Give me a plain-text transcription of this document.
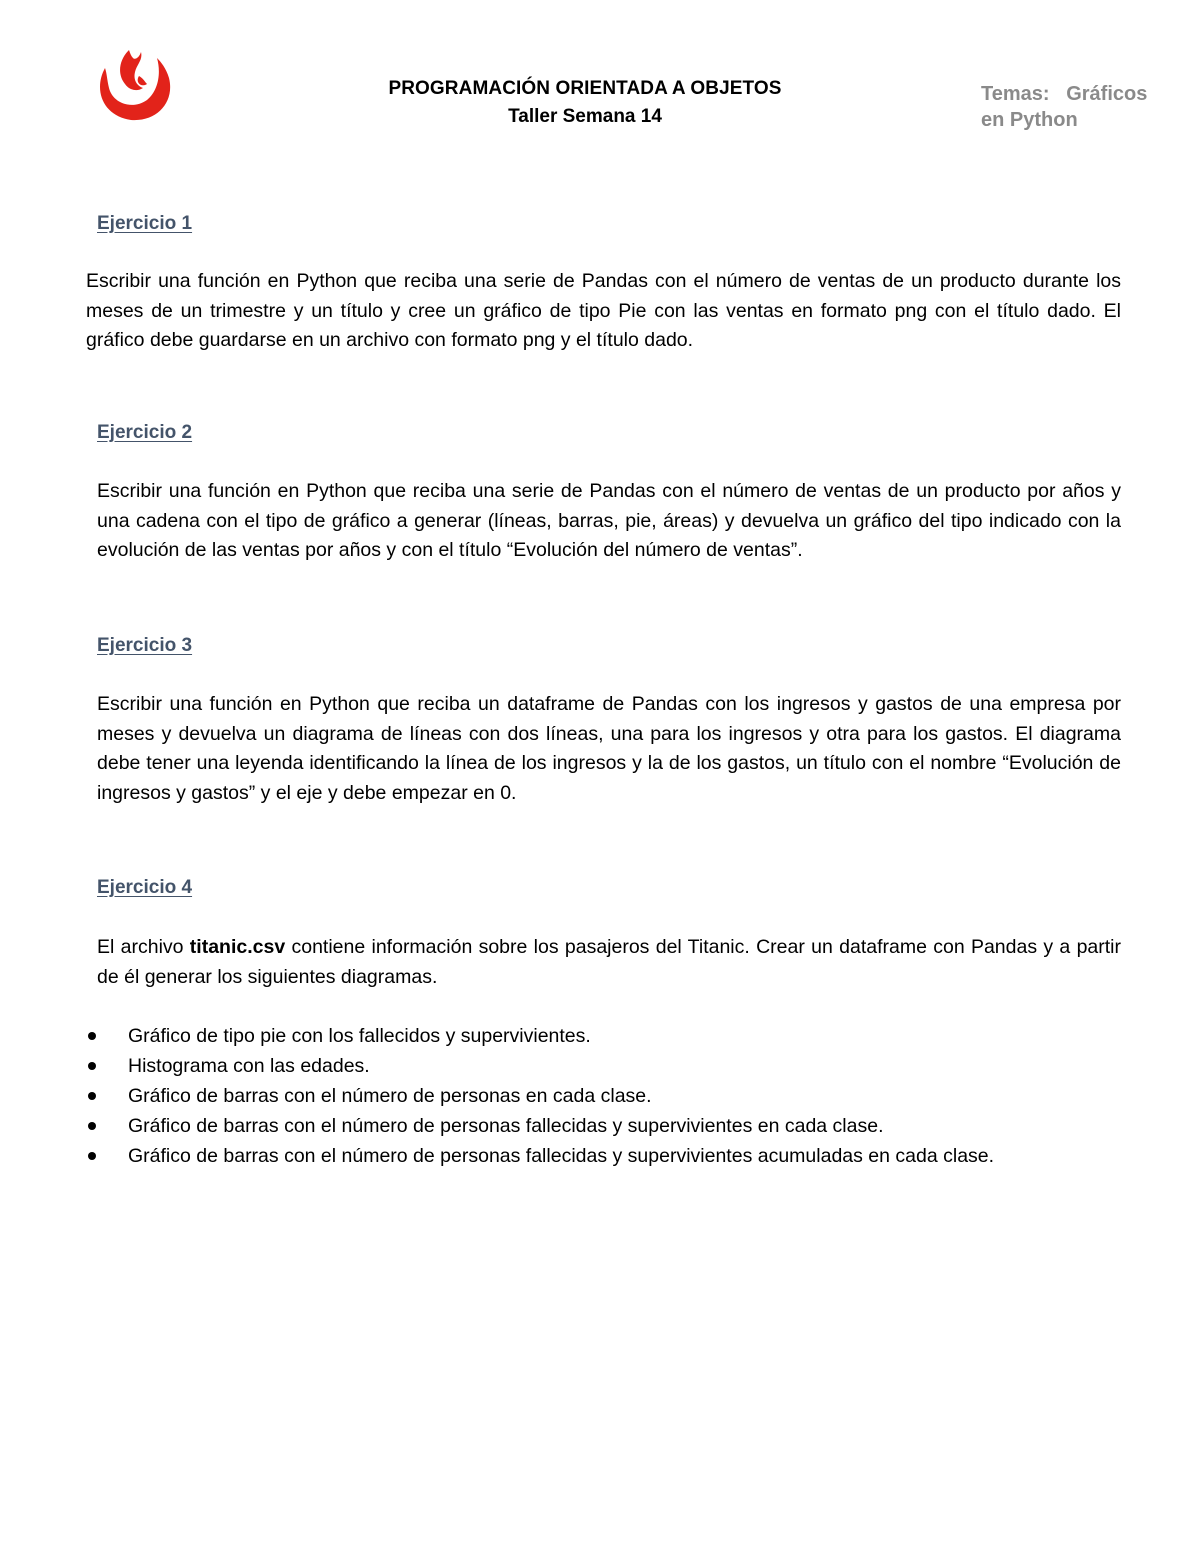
PROGRAMACIÓN ORIENTADA A OBJETOS
Taller Semana 14
Temas: Gráficos en Python
Ejercicio 1
Escribir una función en Python que reciba una serie de Pandas con el número de ventas de un producto durante los meses de un trimestre y un título y cree un gráfico de tipo Pie con las ventas en formato png con el título dado. El gráfico debe guardarse en un archivo con formato png y el título dado.
Ejercicio 2
Escribir una función en Python que reciba una serie de Pandas con el número de ventas de un producto por años y una cadena con el tipo de gráfico a generar (líneas, barras, pie, áreas) y devuelva un gráfico del tipo indicado con la evolución de las ventas por años y con el título “Evolución del número de ventas”.
Ejercicio 3
Escribir una función en Python que reciba un dataframe de Pandas con los ingresos y gastos de una empresa por meses y devuelva un diagrama de líneas con dos líneas, una para los ingresos y otra para los gastos. El diagrama debe tener una leyenda identificando la línea de los ingresos y la de los gastos, un título con el nombre “Evolución de ingresos y gastos” y el eje y debe empezar en 0.
Ejercicio 4
El archivo titanic.csv contiene información sobre los pasajeros del Titanic. Crear un dataframe con Pandas y a partir de él generar los siguientes diagramas.
Gráfico de tipo pie con los fallecidos y supervivientes.
Histograma con las edades.
Gráfico de barras con el número de personas en cada clase.
Gráfico de barras con el número de personas fallecidas y supervivientes en cada clase.
Gráfico de barras con el número de personas fallecidas y supervivientes acumuladas en cada clase.
